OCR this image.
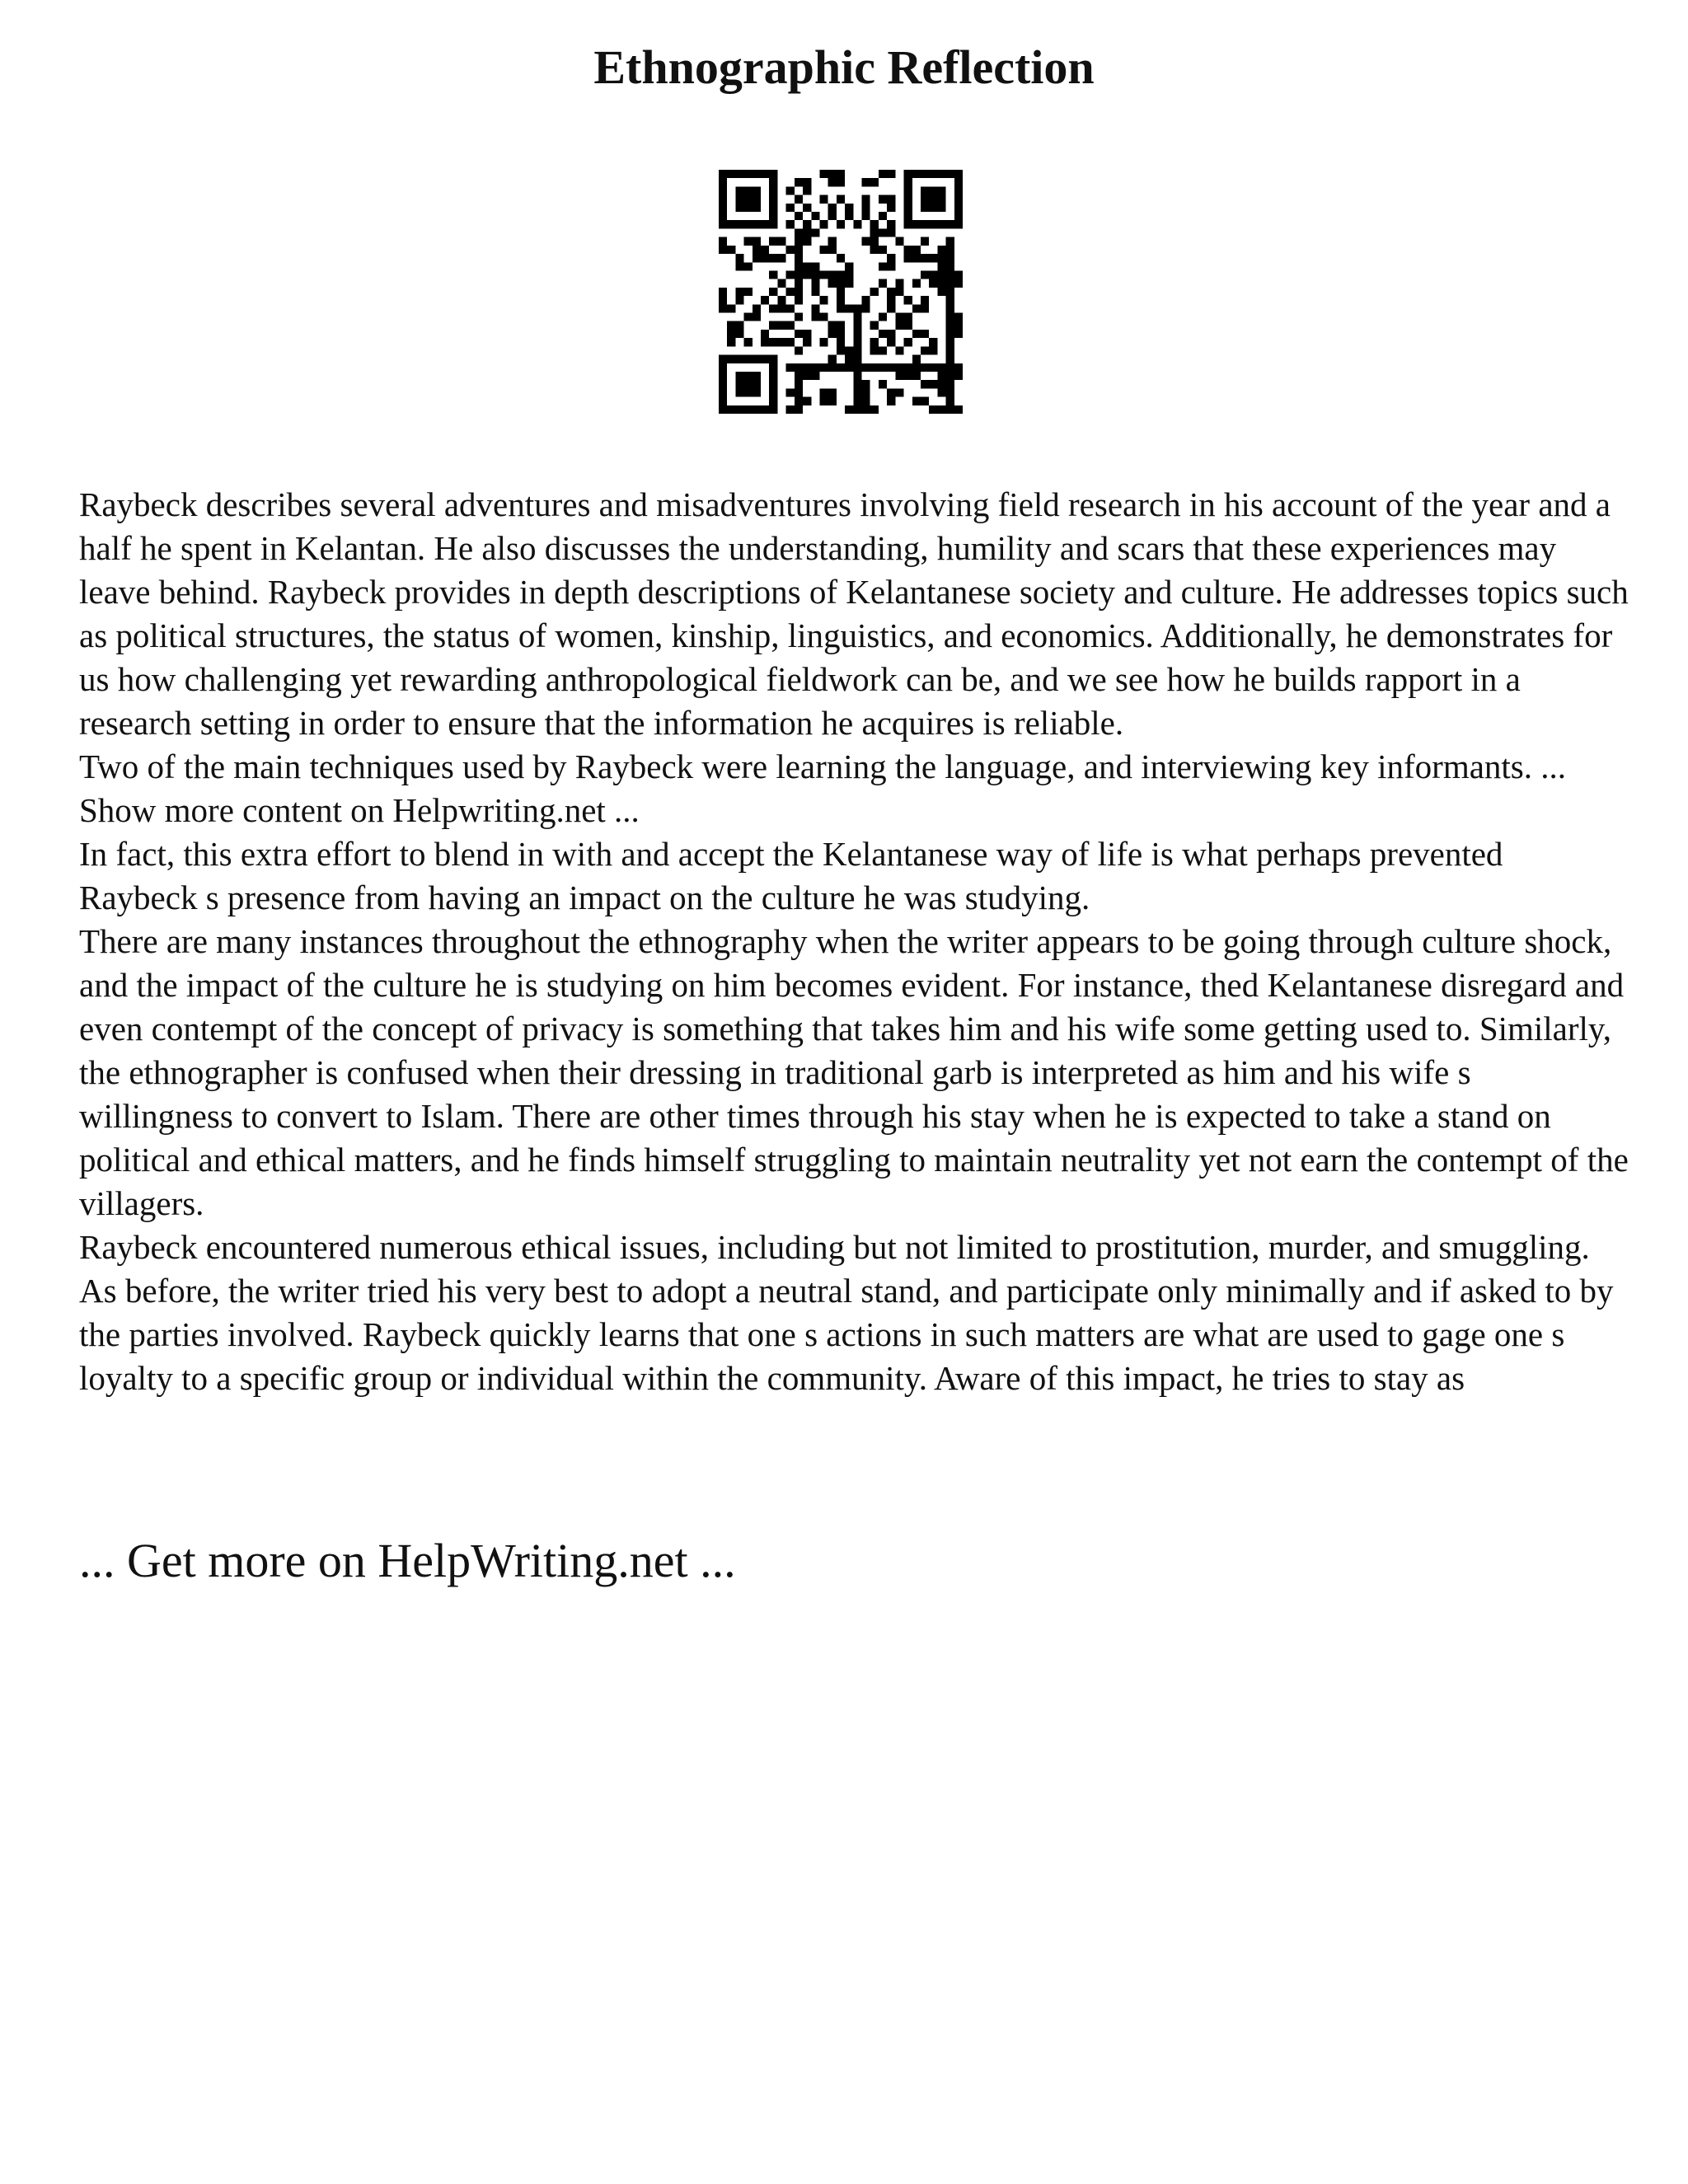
Ethnographic Reflection

Raybeck describes several adventures and misadventures involving field research in his account of the year and a half he spent in Kelantan. He also discusses the understanding, humility and scars that these experiences may leave behind. Raybeck provides in depth descriptions of Kelantanese society and culture. He addresses topics such as political structures, the status of women, kinship, linguistics, and economics. Additionally, he demonstrates for us how challenging yet rewarding anthropological fieldwork can be, and we see how he builds rapport in a research setting in order to ensure that the information he acquires is reliable.

Two of the main techniques used by Raybeck were learning the language, and interviewing key informants. ... Show more content on Helpwriting.net ...

In fact, this extra effort to blend in with and accept the Kelantanese way of life is what perhaps prevented Raybeck s presence from having an impact on the culture he was studying.

There are many instances throughout the ethnography when the writer appears to be going through culture shock, and the impact of the culture he is studying on him becomes evident. For instance, thed Kelantanese disregard and even contempt of the concept of privacy is something that takes him and his wife some getting used to. Similarly, the ethnographer is confused when their dressing in traditional garb is interpreted as him and his wife s willingness to convert to Islam. There are other times through his stay when he is expected to take a stand on political and ethical matters, and he finds himself struggling to maintain neutrality yet not earn the contempt of the villagers.

Raybeck encountered numerous ethical issues, including but not limited to prostitution, murder, and smuggling. As before, the writer tried his very best to adopt a neutral stand, and participate only minimally and if asked to by the parties involved. Raybeck quickly learns that one s actions in such matters are what are used to gage one s loyalty to a specific group or individual within the community. Aware of this impact, he tries to stay as

... Get more on HelpWriting.net ...
